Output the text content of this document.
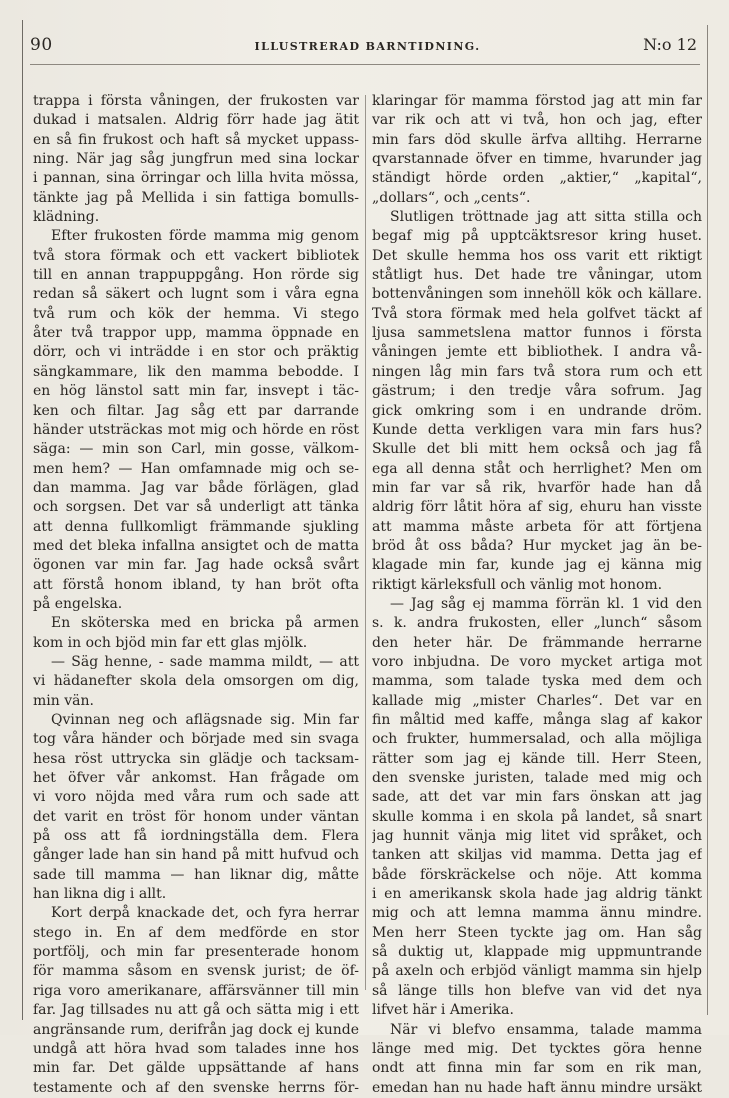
90	ILLUSTRERAD BARNTIDNING.	N:o 12
trappa i första våningen, der frukosten var
dukad i matsalen. Aldrig förr hade jag ätit
en så fin frukost och haft så mycket uppass-
ning. När jag såg jungfrun med sina lockar
i pannan, sina örringar och lilla hvita mössa,
tänkte jag på Mellida i sin fattiga bomulls-
klädning.
Efter frukosten förde mamma mig genom
två stora förmak och ett vackert bibliotek
till en annan trappuppgång. Hon rörde sig
redan så säkert och lugnt som i våra egna
två rum och kök der hemma. Vi stego
åter två trappor upp, mamma öppnade en
dörr, och vi inträdde i en stor och präktig
sängkammare, lik den mamma bebodde. I
en hög länstol satt min far, insvept i täc-
ken och filtar. Jag såg ett par darrande
händer utsträckas mot mig och hörde en röst
säga: — min son Carl, min gosse, välkom-
men hem? — Han omfamnade mig och se-
dan mamma. Jag var både förlägen, glad
och sorgsen. Det var så underligt att tänka
att denna fullkomligt främmande sjukling
med det bleka infallna ansigtet och de matta
ögonen var min far. Jag hade också svårt
att förstå honom ibland, ty han bröt ofta
på engelska.
En sköterska med en bricka på armen
kom in och bjöd min far ett glas mjölk.
— Säg henne, - sade mamma mildt, — att
vi hädanefter skola dela omsorgen om dig,
min vän.
Qvinnan neg och aflägsnade sig. Min far
tog våra händer och började med sin svaga
hesa röst uttrycka sin glädje och tacksam-
het öfver vår ankomst. Han frågade om
vi voro nöjda med våra rum och sade att
det varit en tröst för honom under väntan
på oss att få iordningställa dem. Flera
gånger lade han sin hand på mitt hufvud och
sade till mamma — han liknar dig, måtte
han likna dig i allt.
Kort derpå knackade det, och fyra herrar
stego in. En af dem medförde en stor
portfölj, och min far presenterade honom
för mamma såsom en svensk jurist; de öf-
riga voro amerikanare, affärsvänner till min
far. Jag tillsades nu att gå och sätta mig i ett
angränsande rum, derifrån jag dock ej kunde
undgå att höra hvad som talades inne hos
min far. Det gälde uppsättande af hans
testamente och af den svenske herrns för-
klaringar för mamma förstod jag att min far
var rik och att vi två, hon och jag, efter
min fars död skulle ärfva alltihg. Herrarne
qvarstannade öfver en timme, hvarunder jag
ständigt hörde orden „aktier,“ „kapital“,
„dollars“, och „cents“.
Slutligen tröttnade jag att sitta stilla och
begaf mig på upptcäktsresor kring huset.
Det skulle hemma hos oss varit ett riktigt
ståtligt hus. Det hade tre våningar, utom
bottenvåningen som innehöll kök och källare.
Två stora förmak med hela golfvet täckt af
ljusa sammetslena mattor funnos i första
våningen jemte ett bibliothek. I andra vå-
ningen låg min fars två stora rum och ett
gästrum; i den tredje våra sofrum. Jag
gick omkring som i en undrande dröm.
Kunde detta verkligen vara min fars hus?
Skulle det bli mitt hem också och jag få
ega all denna ståt och herrlighet? Men om
min far var så rik, hvarför hade han då
aldrig förr låtit höra af sig, ehuru han visste
att mamma måste arbeta för att förtjena
bröd åt oss båda? Hur mycket jag än be-
klagade min far, kunde jag ej känna mig
riktigt kärleksfull och vänlig mot honom.
— Jag såg ej mamma förrän kl. 1 vid den
s. k. andra frukosten, eller „lunch“ såsom
den heter här. De främmande herrarne
voro inbjudna. De voro mycket artiga mot
mamma, som talade tyska med dem och
kallade mig „mister Charles“. Det var en
fin måltid med kaffe, många slag af kakor
och frukter, hummersalad, och alla möjliga
rätter som jag ej kände till. Herr Steen,
den svenske juristen, talade med mig och
sade, att det var min fars önskan att jag
skulle komma i en skola på landet, så snart
jag hunnit vänja mig litet vid språket, och
tanken att skiljas vid mamma. Detta jag ef
både förskräckelse och nöje. Att komma
i en amerikansk skola hade jag aldrig tänkt
mig och att lemna mamma ännu mindre.
Men herr Steen tyckte jag om. Han såg
så duktig ut, klappade mig uppmuntrande
på axeln och erbjöd vänligt mamma sin hjelp
så länge tills hon blefve van vid det nya
lifvet här i Amerika.
När vi blefvo ensamma, talade mamma
länge med mig. Det tycktes göra henne
ondt att finna min far som en rik man,
emedan han nu hade haft ännu mindre ursäkt
